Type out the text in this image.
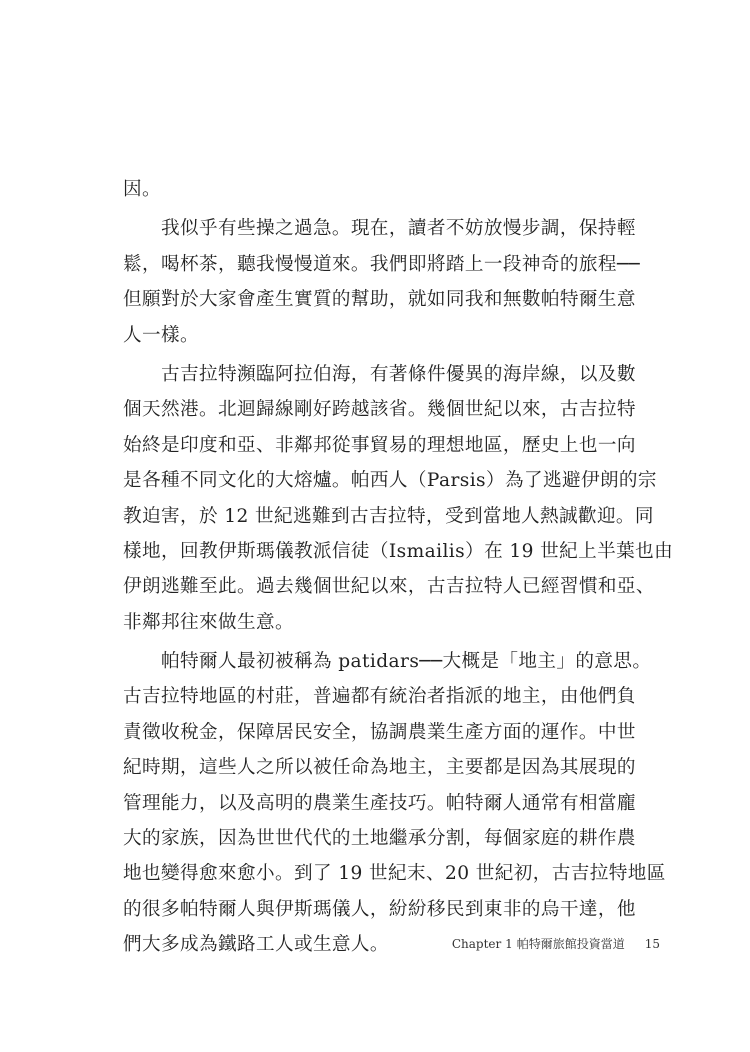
因。
　　我似乎有些操之過急。現在，讀者不妨放慢步調，保持輕
鬆，喝杯茶，聽我慢慢道來。我們即將踏上一段神奇的旅程──
但願對於大家會產生實質的幫助，就如同我和無數帕特爾生意
人一樣。
　　古吉拉特瀕臨阿拉伯海，有著條件優異的海岸線，以及數
個天然港。北迴歸線剛好跨越該省。幾個世紀以來，古吉拉特
始終是印度和亞、非鄰邦從事貿易的理想地區，歷史上也一向
是各種不同文化的大熔爐。帕西人（Parsis）為了逃避伊朗的宗
教迫害，於 12 世紀逃難到古吉拉特，受到當地人熱誠歡迎。同
樣地，回教伊斯瑪儀教派信徒（Ismailis）在 19 世紀上半葉也由
伊朗逃難至此。過去幾個世紀以來，古吉拉特人已經習慣和亞、
非鄰邦往來做生意。
　　帕特爾人最初被稱為 patidars──大概是「地主」的意思。
古吉拉特地區的村莊，普遍都有統治者指派的地主，由他們負
責徵收稅金，保障居民安全，協調農業生產方面的運作。中世
紀時期，這些人之所以被任命為地主，主要都是因為其展現的
管理能力，以及高明的農業生產技巧。帕特爾人通常有相當龐
大的家族，因為世世代代的土地繼承分割，每個家庭的耕作農
地也變得愈來愈小。到了 19 世紀末、20 世紀初，古吉拉特地區
的很多帕特爾人與伊斯瑪儀人，紛紛移民到東非的烏干達，他
們大多成為鐵路工人或生意人。	Chapter 1 帕特爾旅館投資當道 15
